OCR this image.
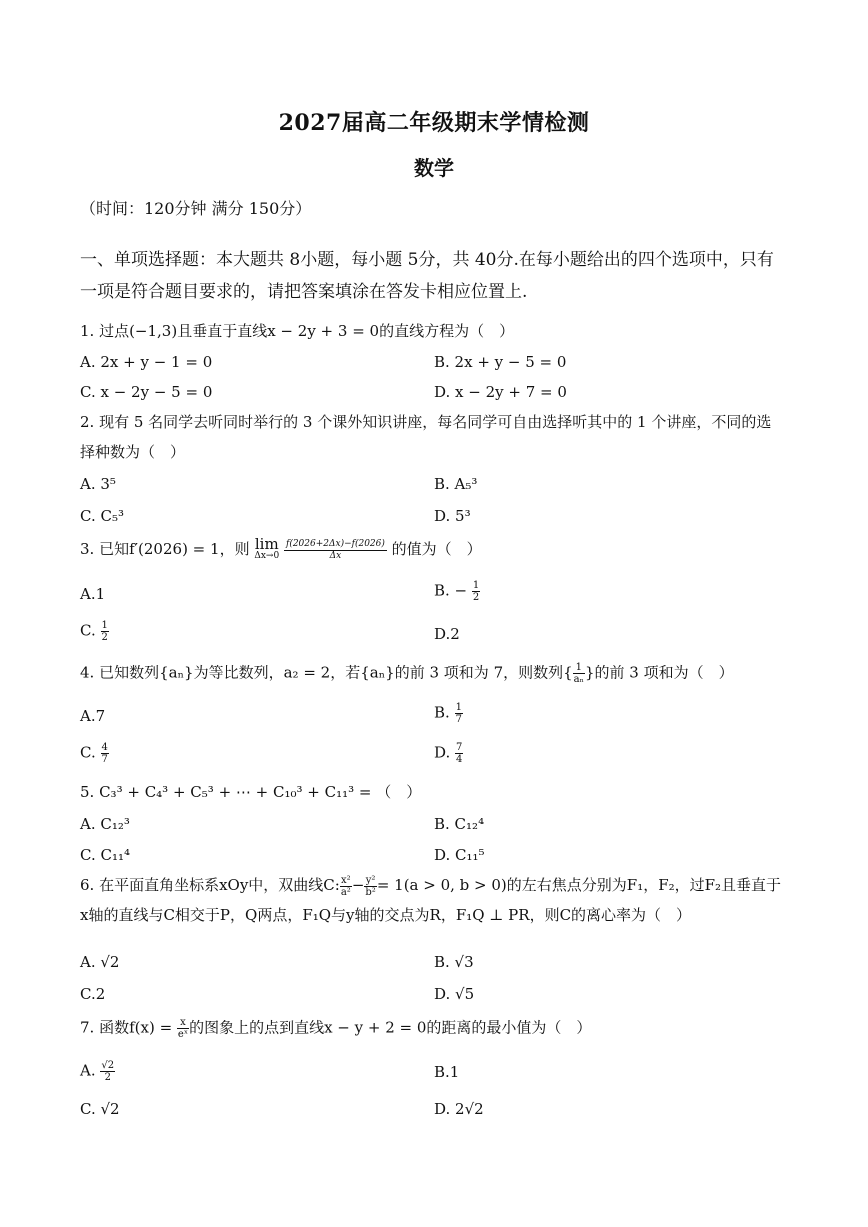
2027届高二年级期末学情检测
数学
（时间：120分钟 满分 150分）
一、单项选择题：本大题共 8小题，每小题 5分，共 40分.在每小题给出的四个选项中，只有一项是符合题目要求的，请把答案填涂在答发卡相应位置上.
1. 过点(−1,3)且垂直于直线x − 2y + 3 = 0的直线方程为（　）
A. 2x + y − 1 = 0	B. 2x + y − 5 = 0
C. x − 2y − 5 = 0	D. x − 2y + 7 = 0
2. 现有 5 名同学去听同时举行的 3 个课外知识讲座，每名同学可自由选择听其中的 1 个讲座，不同的选择种数为（　）
A. 3⁵	B. A₅³
C. C₅³	D. 5³
3. 已知f′(2026) = 1，则 lim
Δx→0
$\frac{f(2026+2\Delta x)-f(2026)}{\Delta x}$ 的值为（　）
A.1	B. − $\frac{1}{2}$
C. $\frac{1}{2}$	D.2
4. 已知数列{aₙ}为等比数列，a₂ = 2，若{aₙ}的前 3 项和为 7，则数列{ $\frac{1}{\text{aₙ}}$ }的前 3 项和为（　）
A.7	B. $\frac{1}{7}$
C. $\frac{4}{7}$	D. $\frac{7}{4}$
5. C₃³ + C₄³ + C₅³ + ⋯ + C₁₀³ + C₁₁³ = （　）
A. C₁₂³	B. C₁₂⁴
C. C₁₁⁴	D. C₁₁⁵
6. 在平面直角坐标系xOy中，双曲线C: $\frac{\text{x²}}{\text{a²}} - \frac{\text{y²}}{\text{b²}} = 1(a > 0$, b > 0)的左右焦点分别为F₁，F₂，过F₂且垂直于x轴的直线与C相交于P，Q两点，F₁Q与y轴的交点为R，F₁Q ⊥ PR，则C的离心率为（　）
A. √2	B. √3
C.2	D. √5
7. 函数$f(x) = \frac{x}{\text{eˣ}}$ 的图象上的点到直线x − y + 2 = 0的距离的最小值为（　）
A. $\frac{√2}{2}$	B.1
C. √2	D. 2√2
